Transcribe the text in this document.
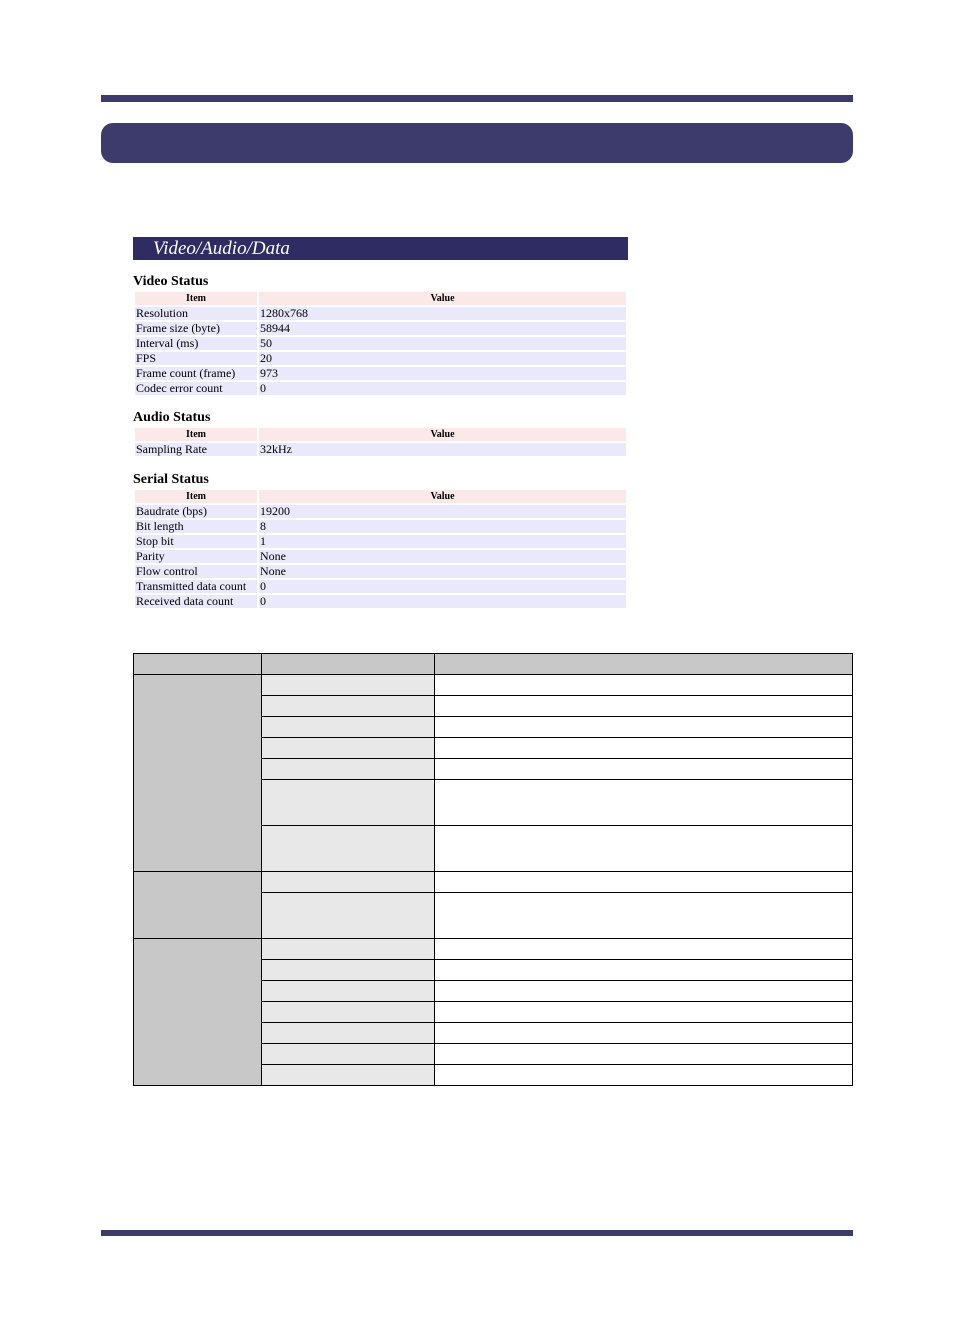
Video/Audio/Data
Video Status
Item	Value
Resolution	1280x768
Frame size (byte)	58944
Interval (ms)	50
FPS	20
Frame count (frame)	973
Codec error count	0
Audio Status
Item	Value
Sampling Rate	32kHz
Serial Status
Item	Value
Baudrate (bps)	19200
Bit length	8
Stop bit	1
Parity	None
Flow control	None
Transmitted data count	0
Received data count	0
